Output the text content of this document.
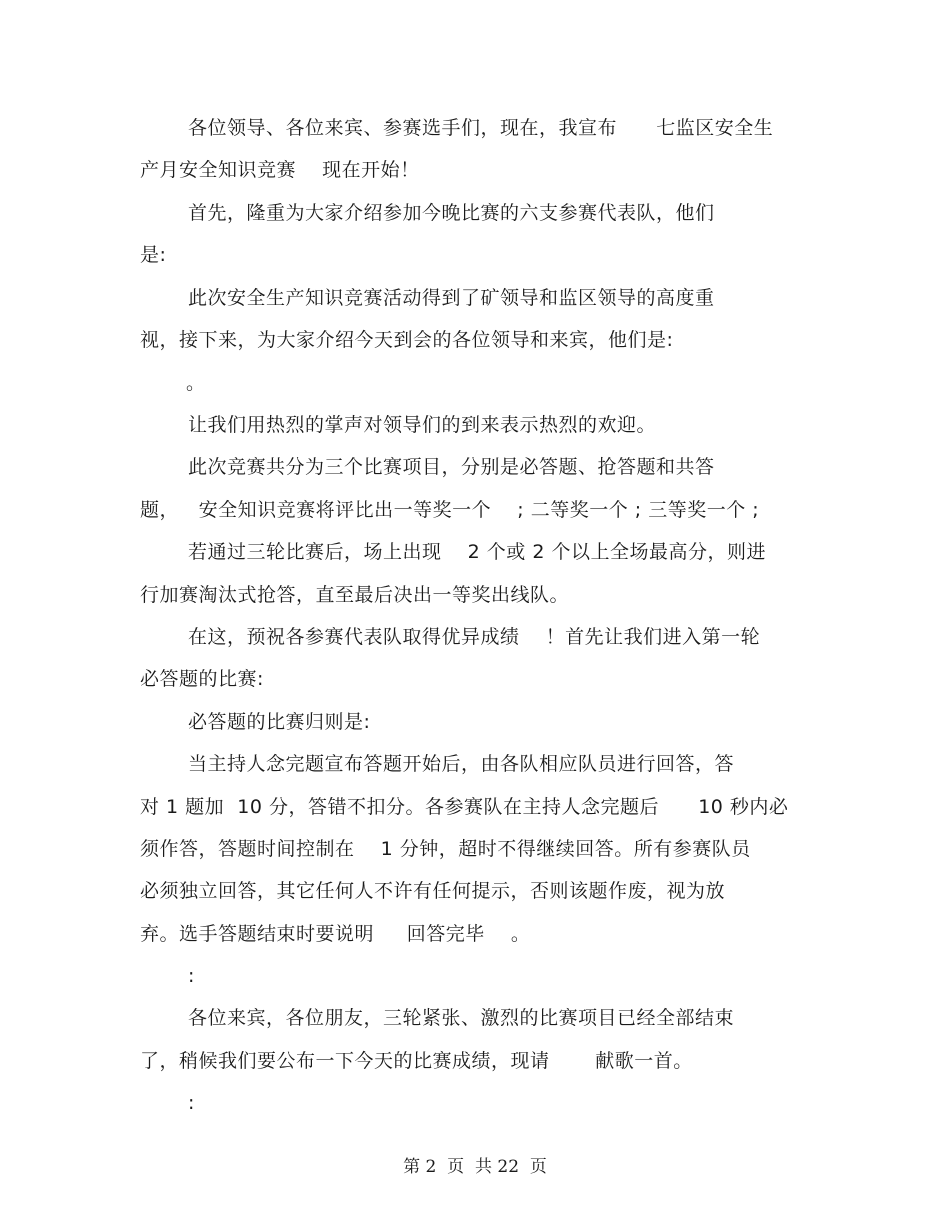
各位领导、各位来宾、参赛选手们，现在，我宣布      七监区安全生
产月安全知识竞赛    现在开始！
首先，隆重为大家介绍参加今晚比赛的六支参赛代表队，他们
是:
此次安全生产知识竞赛活动得到了矿领导和监区领导的高度重
视，接下来，为大家介绍今天到会的各位领导和来宾，他们是:
。
让我们用热烈的掌声对领导们的到来表示热烈的欢迎。
此次竞赛共分为三个比赛项目，分别是必答题、抢答题和共答
题，   安全知识竞赛将评比出一等奖一个    ; 二等奖一个 ; 三等奖一个 ;
若通过三轮比赛后，场上出现    2 个或 2 个以上全场最高分，则进
行加赛淘汰式抢答，直至最后决出一等奖出线队。
在这，预祝各参赛代表队取得优异成绩    ！首先让我们进入第一轮
必答题的比赛:
必答题的比赛归则是:
当主持人念完题宣布答题开始后，由各队相应队员进行回答，答
对 1 题加  10 分，答错不扣分。各参赛队在主持人念完题后      10 秒内必
须作答，答题时间控制在    1 分钟，超时不得继续回答。所有参赛队员
必须独立回答，其它任何人不许有任何提示，否则该题作废，视为放
弃。选手答题结束时要说明     回答完毕    。
:
各位来宾，各位朋友，三轮紧张、激烈的比赛项目已经全部结束
了，稍候我们要公布一下今天的比赛成绩，现请       献歌一首。
:
第 2  页  共 22  页
